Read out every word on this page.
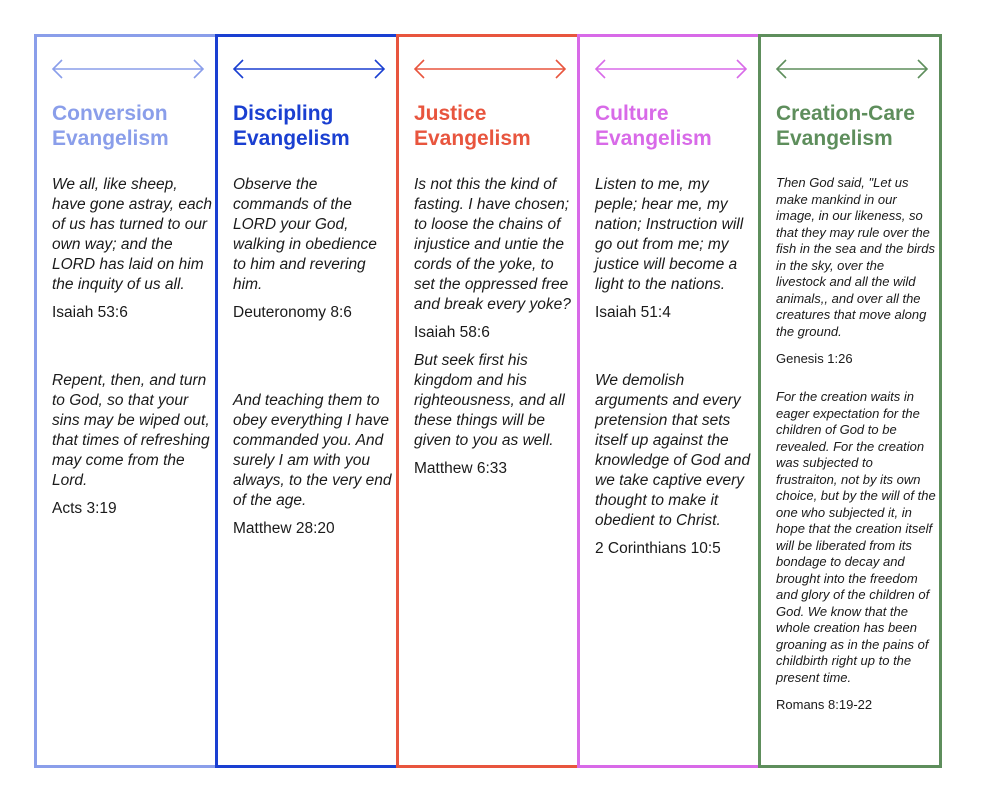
Conversion
Evangelism

We all, like sheep, have gone astray, each of us has turned to our own way; and the LORD has laid on him the inquity of us all.

Isaiah 53:6

Repent, then, and turn to God, so that your sins may be wiped out, that times of refreshing may come from the Lord.

Acts 3:19

Discipling
Evangelism

Observe the commands of the LORD your God, walking in obedience to him and revering him.

Deuteronomy 8:6

And teaching them to obey everything I have commanded you. And surely I am with you always, to the very end of the age.

Matthew 28:20

Justice
Evangelism

Is not this the kind of fasting. I have chosen; to loose the chains of injustice and untie the cords of the yoke, to set the oppressed free and break every yoke?

Isaiah 58:6

But seek first his kingdom and his righteousness, and all these things will be given to you as well.

Matthew 6:33

Culture
Evangelism

Listen to me, my peple; hear me, my nation; Instruction will go out from me; my justice will become a light to the nations.

Isaiah 51:4

We demolish arguments and every pretension that sets itself up against the knowledge of God and we take captive every thought to make it obedient to Christ.

2 Corinthians 10:5

Creation-Care
Evangelism

Then God said, "Let us make mankind in our image, in our likeness, so that they may rule over the fish in the sea and the birds in the sky, over the livestock and all the wild animals,, and over all the creatures that move along the ground.

Genesis 1:26

For the creation waits in eager expectation for the children of God to be revealed. For the creation was subjected to frustraiton, not by its own choice, but by the will of the one who subjected it, in hope that the creation itself will be liberated from its bondage to decay and brought into the freedom and glory of the children of God. We know that the whole creation has been groaning as in the pains of childbirth right up to the present time.

Romans 8:19-22
